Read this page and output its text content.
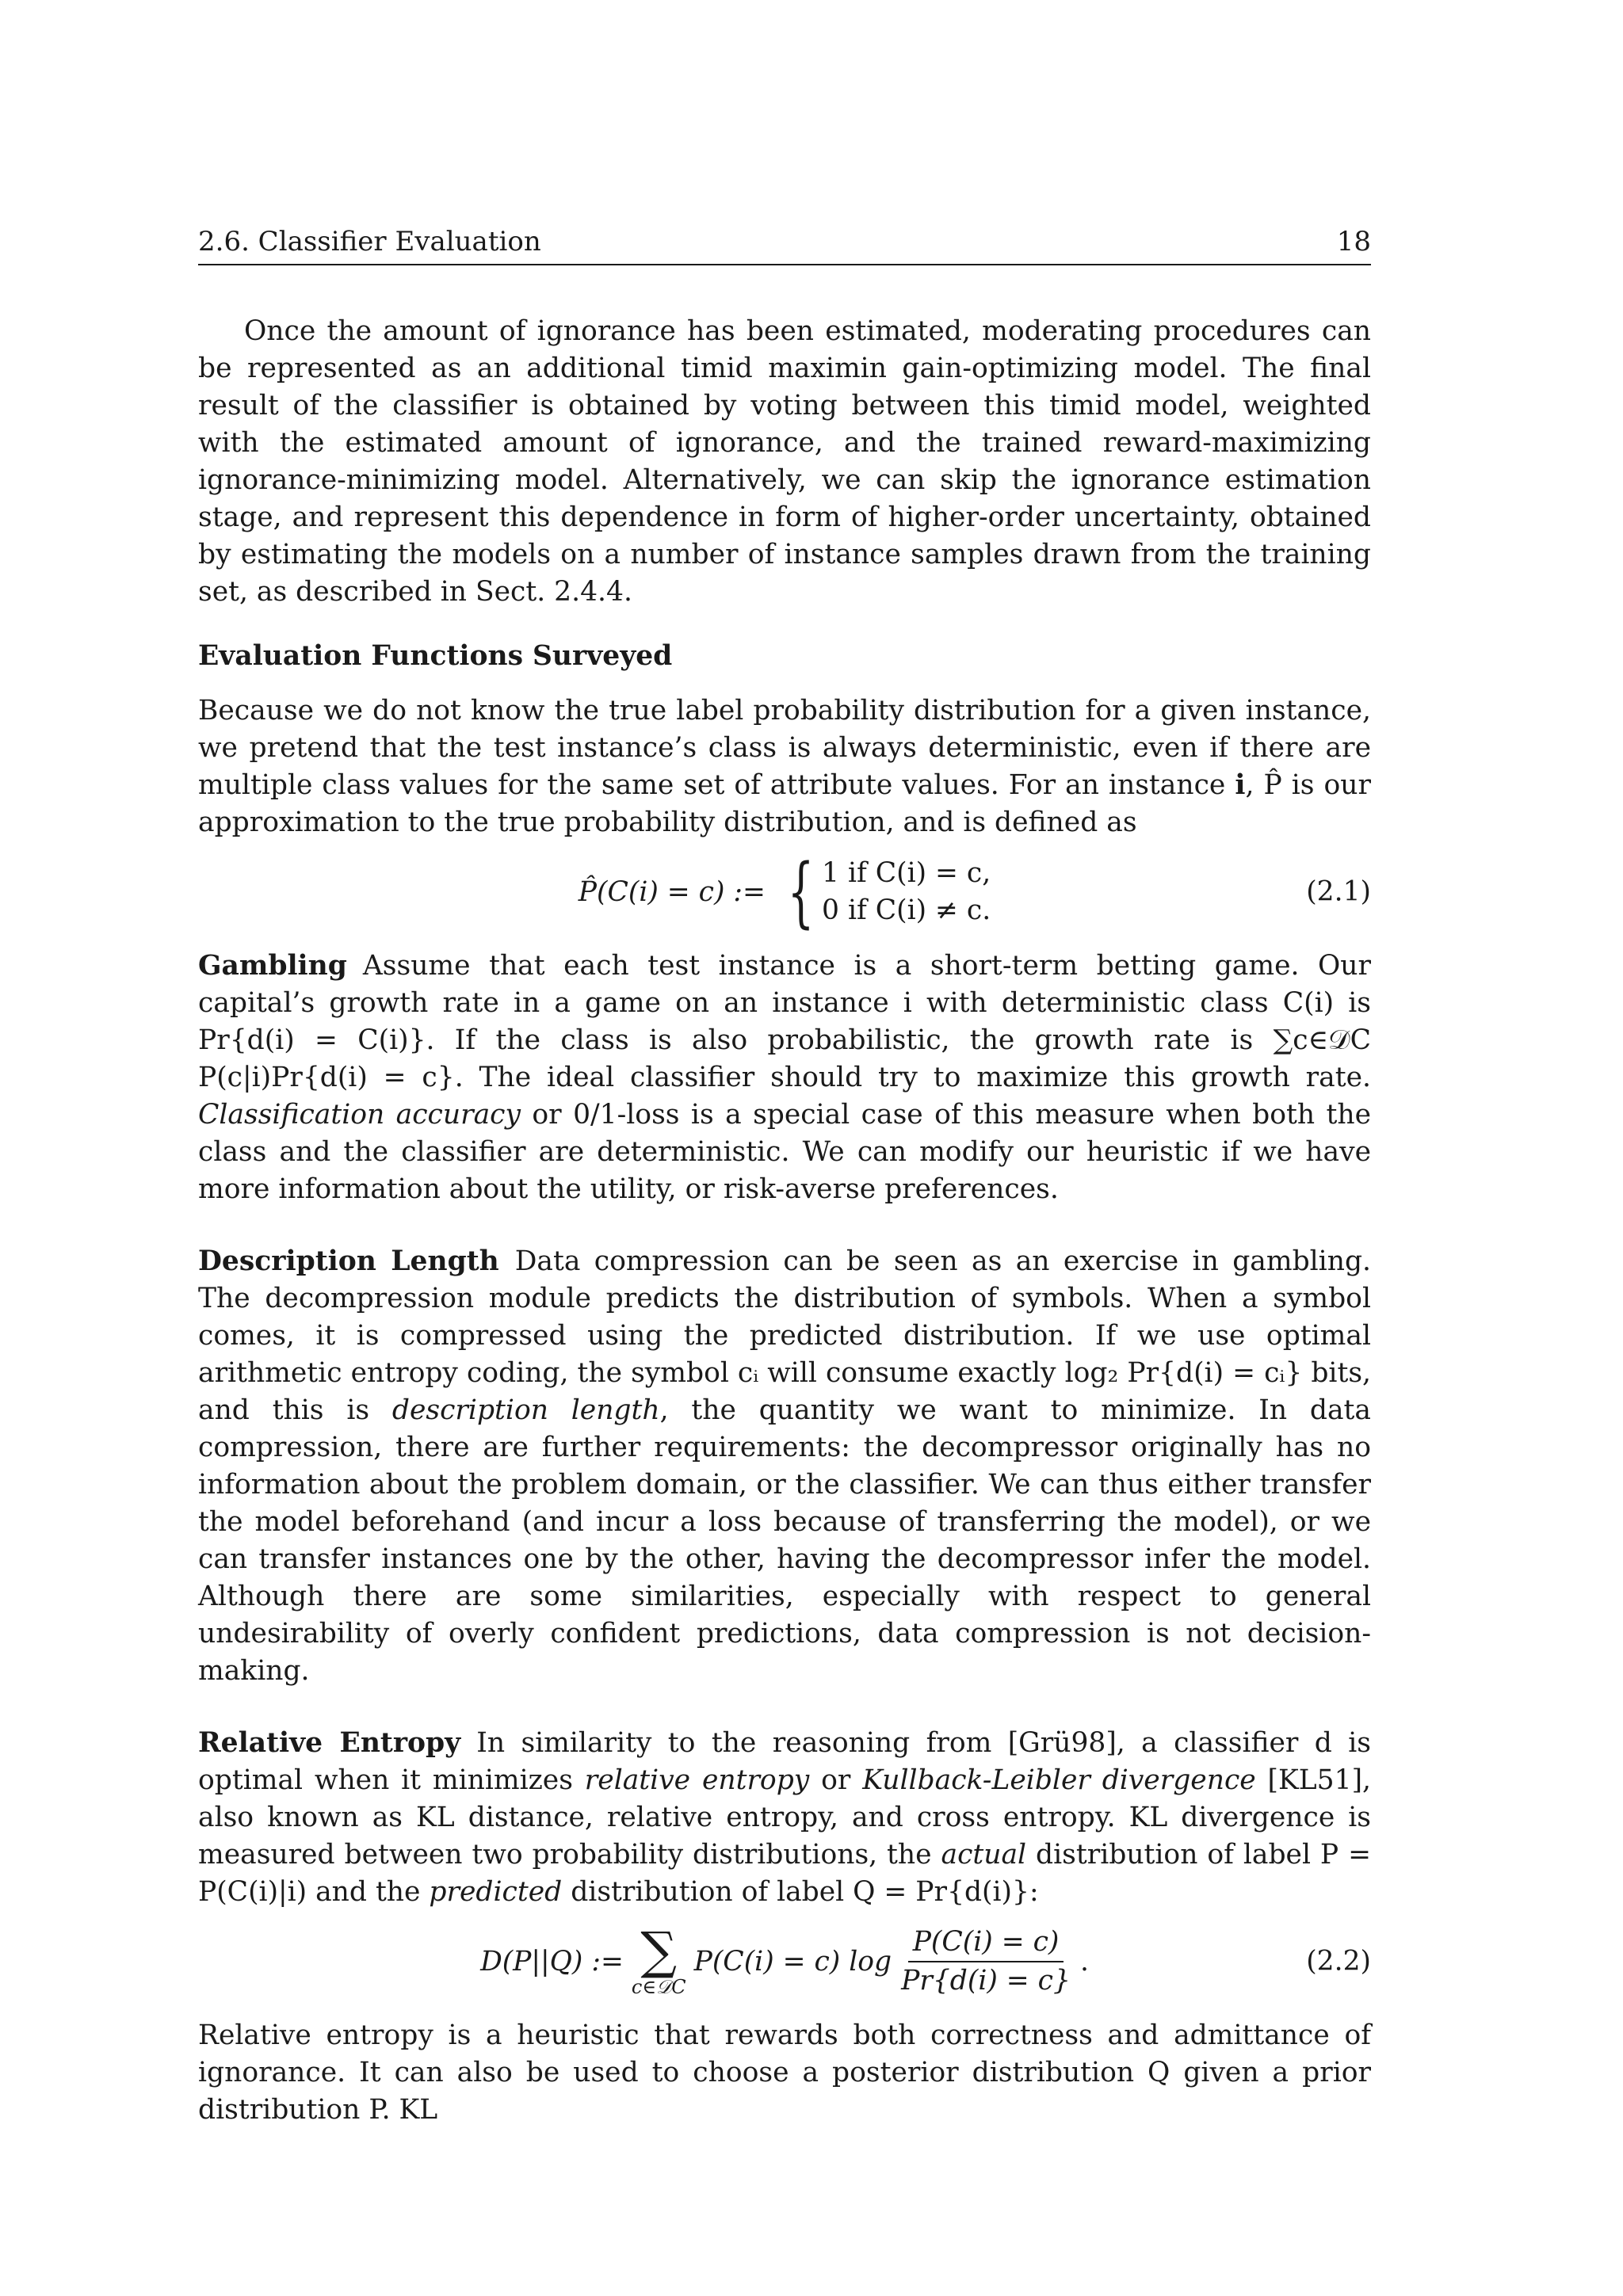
2.6. Classifier Evaluation	18

Once the amount of ignorance has been estimated, moderating procedures can be represented as an additional timid maximin gain-optimizing model. The final result of the classifier is obtained by voting between this timid model, weighted with the estimated amount of ignorance, and the trained reward-maximizing ignorance-minimizing model. Alternatively, we can skip the ignorance estimation stage, and represent this dependence in form of higher-order uncertainty, obtained by estimating the models on a number of instance samples drawn from the training set, as described in Sect. 2.4.4.

Evaluation Functions Surveyed

Because we do not know the true label probability distribution for a given instance, we pretend that the test instance’s class is always deterministic, even if there are multiple class values for the same set of attribute values. For an instance i, P̂ is our approximation to the true probability distribution, and is defined as

P̂(C(i) = c) := { 1 if C(i) = c,
0 if C(i) ≠ c.
(2.1)

Gambling Assume that each test instance is a short-term betting game. Our capital’s growth rate in a game on an instance i with deterministic class C(i) is Pr{d(i) = C(i)}. If the class is also probabilistic, the growth rate is ∑c∈𝒟C P(c|i)Pr{d(i) = c}. The ideal classifier should try to maximize this growth rate. Classification accuracy or 0/1-loss is a special case of this measure when both the class and the classifier are deterministic. We can modify our heuristic if we have more information about the utility, or risk-averse preferences.

Description Length Data compression can be seen as an exercise in gambling. The decompression module predicts the distribution of symbols. When a symbol comes, it is compressed using the predicted distribution. If we use optimal arithmetic entropy coding, the symbol cᵢ will consume exactly log₂ Pr{d(i) = cᵢ} bits, and this is description length, the quantity we want to minimize. In data compression, there are further requirements: the decompressor originally has no information about the problem domain, or the classifier. We can thus either transfer the model beforehand (and incur a loss because of transferring the model), or we can transfer instances one by the other, having the decompressor infer the model. Although there are some similarities, especially with respect to general undesirability of overly confident predictions, data compression is not decision-making.

Relative Entropy In similarity to the reasoning from [Grü98], a classifier d is optimal when it minimizes relative entropy or Kullback-Leibler divergence [KL51], also known as KL distance, relative entropy, and cross entropy. KL divergence is measured between two probability distributions, the actual distribution of label P = P(C(i)|i) and the predicted distribution of label Q = Pr{d(i)}:

D(P||Q) := ∑
c∈𝒟C
P(C(i) = c) $\log \frac{P(C(i) = c)}{Pr\{d(i) = c\}}$ .	(2.2)

Relative entropy is a heuristic that rewards both correctness and admittance of ignorance. It can also be used to choose a posterior distribution Q given a prior distribution P. KL
